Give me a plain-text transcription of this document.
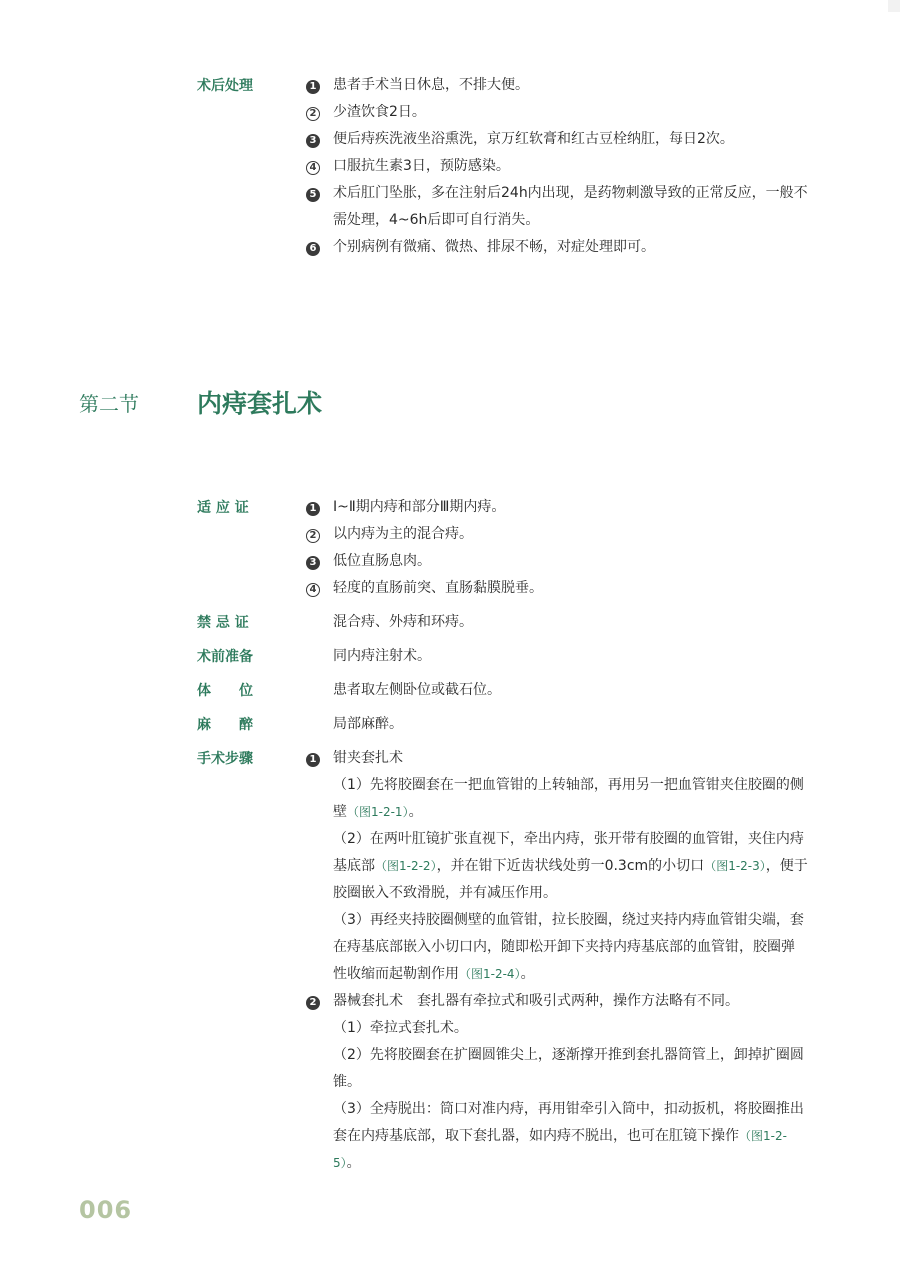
术后处理	1 患者手术当日休息，不排大便。
2 少渣饮食2日。
3 便后痔疾洗液坐浴熏洗，京万红软膏和红古豆栓纳肛，每日2次。
4 口服抗生素3日，预防感染。
5 术后肛门坠胀，多在注射后24h内出现，是药物刺激导致的正常反应，一般不需处理，4~6h后即可自行消失。
6 个别病例有微痛、微热、排尿不畅，对症处理即可。
第二节 内痔套扎术
适 应 证	1 Ⅰ~Ⅱ期内痔和部分Ⅲ期内痔。
2 以内痔为主的混合痔。
3 低位直肠息肉。
4 轻度的直肠前突、直肠黏膜脱垂。
禁 忌 证	混合痔、外痔和环痔。
术前准备	同内痔注射术。
体　　位	患者取左侧卧位或截石位。
麻　　醉	局部麻醉。
手术步骤	1 钳夹套扎术
（1）先将胶圈套在一把血管钳的上转轴部，再用另一把血管钳夹住胶圈的侧壁（图1-2-1）。
（2）在两叶肛镜扩张直视下，牵出内痔，张开带有胶圈的血管钳，夹住内痔基底部（图1-2-2），并在钳下近齿状线处剪一0.3cm的小切口（图1-2-3），便于胶圈嵌入不致滑脱，并有减压作用。
（3）再经夹持胶圈侧壁的血管钳，拉长胶圈，绕过夹持内痔血管钳尖端，套在痔基底部嵌入小切口内，随即松开卸下夹持内痔基底部的血管钳，胶圈弹性收缩而起勒割作用（图1-2-4）。
2 器械套扎术　套扎器有牵拉式和吸引式两种，操作方法略有不同。
（1）牵拉式套扎术。
（2）先将胶圈套在扩圈圆锥尖上，逐渐撑开推到套扎器筒管上，卸掉扩圈圆锥。
（3）全痔脱出：筒口对准内痔，再用钳牵引入筒中，扣动扳机，将胶圈推出套在内痔基底部，取下套扎器，如内痔不脱出，也可在肛镜下操作（图1-2-5）。
006
